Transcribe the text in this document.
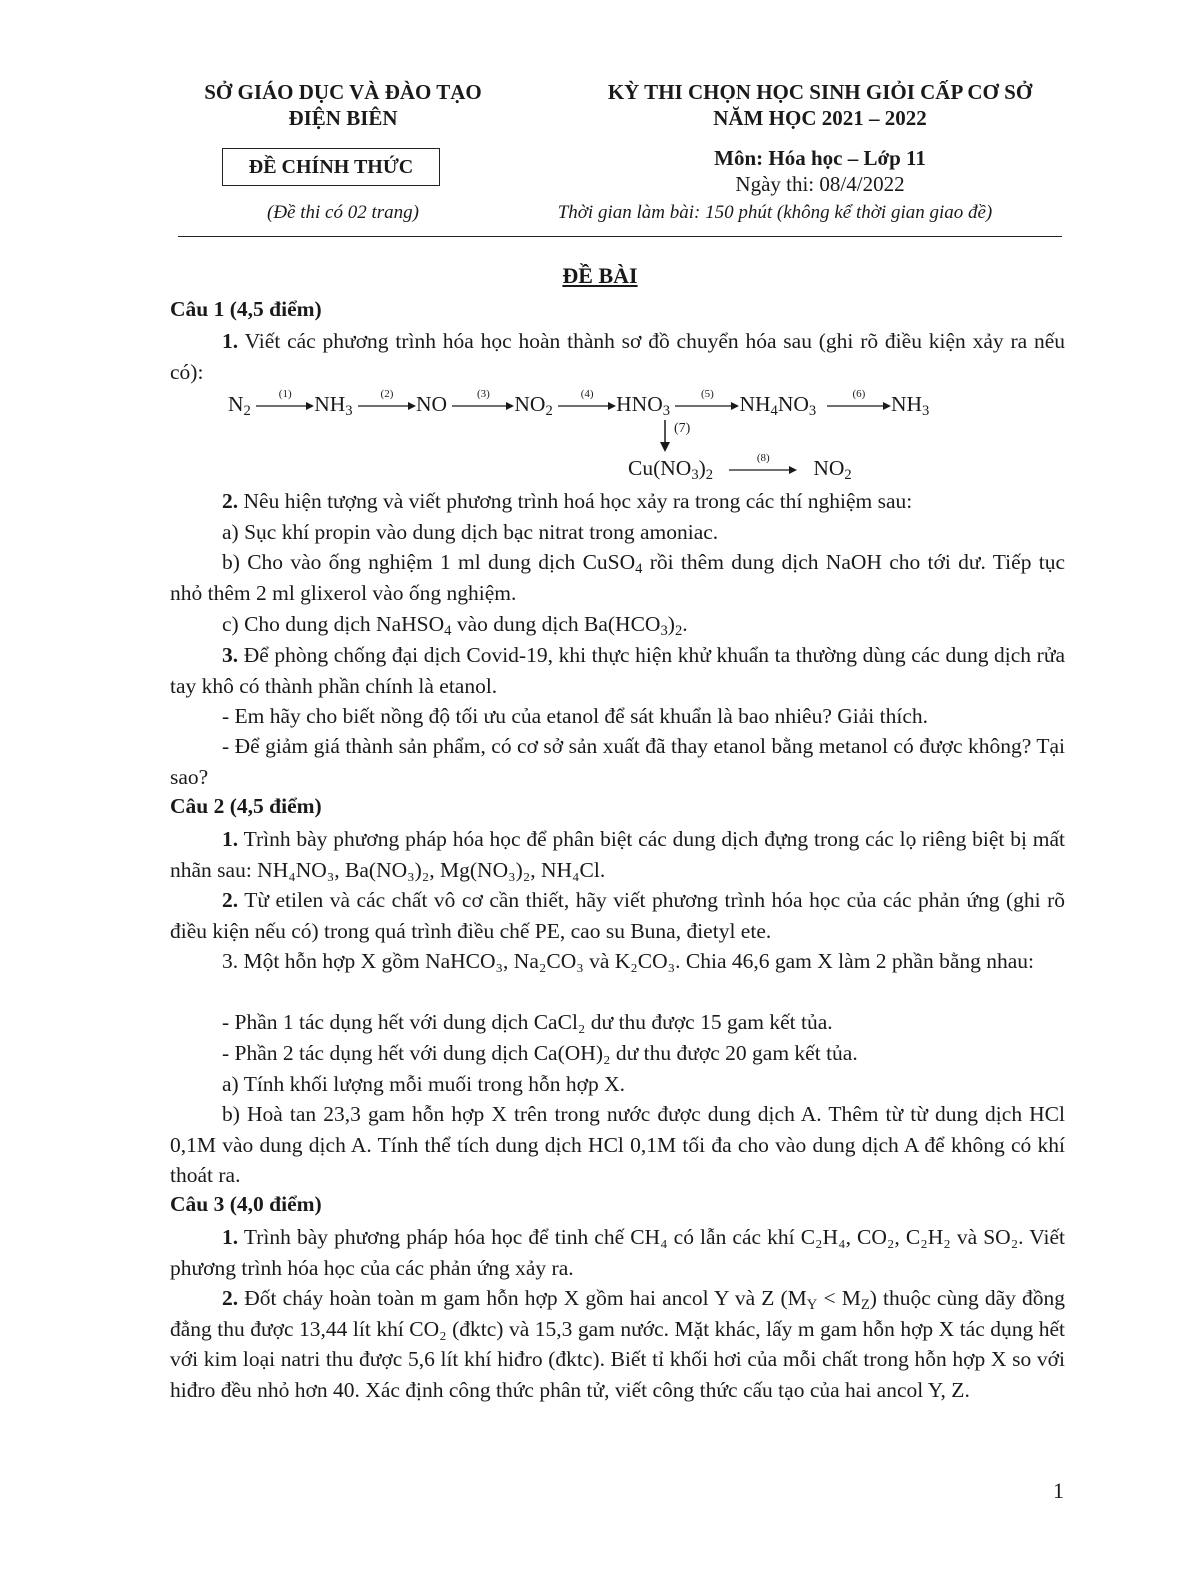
SỞ GIÁO DỤC VÀ ĐÀO TẠO
ĐIỆN BIÊN
ĐỀ CHÍNH THỨC
(Đề thi có 02 trang)
KỲ THI CHỌN HỌC SINH GIỎI CẤP CƠ SỞ
NĂM HỌC 2021 – 2022
Môn: Hóa học – Lớp 11
Ngày thi: 08/4/2022
Thời gian làm bài: 150 phút (không kể thời gian giao đề)
ĐỀ BÀI
Câu 1 (4,5 điểm)
1. Viết các phương trình hóa học hoàn thành sơ đồ chuyển hóa sau (ghi rõ điều kiện xảy ra nếu có):
$N_2$
(1)	$NH_3$
(2)	NO	(3)	$NO_2$
(4)	$HNO_3$
(5)	$NH_4NO_3$
(6)	$NH_3$
(7)
$Cu(NO_3)_2$
(8)	$NO_2$
2. Nêu hiện tượng và viết phương trình hoá học xảy ra trong các thí nghiệm sau:
a) Sục khí propin vào dung dịch bạc nitrat trong amoniac.
b) Cho vào ống nghiệm 1 ml dung dịch CuSO$_4$ rồi thêm dung dịch NaOH cho tới dư. Tiếp tục nhỏ thêm 2 ml glixerol vào ống nghiệm.
c) Cho dung dịch NaHSO$_4$ vào dung dịch $Ba(HCO_3)_2$.
3. Để phòng chống đại dịch Covid-19, khi thực hiện khử khuẩn ta thường dùng các dung dịch rửa tay khô có thành phần chính là etanol.
- Em hãy cho biết nồng độ tối ưu của etanol để sát khuẩn là bao nhiêu? Giải thích.
- Để giảm giá thành sản phẩm, có cơ sở sản xuất đã thay etanol bằng metanol có được không? Tại sao?
Câu 2 (4,5 điểm)
1. Trình bày phương pháp hóa học để phân biệt các dung dịch đựng trong các lọ riêng biệt bị mất nhãn sau: NH₄NO₃, Ba(NO₃)₂, Mg(NO₃)₂, NH₄Cl.
2. Từ etilen và các chất vô cơ cần thiết, hãy viết phương trình hóa học của các phản ứng (ghi rõ điều kiện nếu có) trong quá trình điều chế PE, cao su Buna, đietyl ete.
3. Một hỗn hợp X gồm NaHCO₃, Na₂CO₃ và K₂CO₃. Chia 46,6 gam X làm 2 phần bằng nhau:
- Phần 1 tác dụng hết với dung dịch CaCl₂ dư thu được 15 gam kết tủa.
- Phần 2 tác dụng hết với dung dịch Ca(OH)₂ dư thu được 20 gam kết tủa.
a) Tính khối lượng mỗi muối trong hỗn hợp X.
b) Hoà tan 23,3 gam hỗn hợp X trên trong nước được dung dịch A. Thêm từ từ dung dịch HCl 0,1M vào dung dịch A. Tính thể tích dung dịch HCl 0,1M tối đa cho vào dung dịch A để không có khí thoát ra.
Câu 3 (4,0 điểm)
1. Trình bày phương pháp hóa học để tinh chế CH₄ có lẫn các khí C₂H₄, CO₂, C₂H₂ và SO₂. Viết phương trình hóa học của các phản ứng xảy ra.
2. Đốt cháy hoàn toàn m gam hỗn hợp X gồm hai ancol Y và Z $(M_Y < M_Z)$ thuộc cùng dãy đồng đẳng thu được 13,44 lít khí CO₂ (đktc) và 15,3 gam nước. Mặt khác, lấy m gam hỗn hợp X tác dụng hết với kim loại natri thu được 5,6 lít khí hiđro (đktc). Biết tỉ khối hơi của mỗi chất trong hỗn hợp X so với hiđro đều nhỏ hơn 40. Xác định công thức phân tử, viết công thức cấu tạo của hai ancol Y, Z.
1
